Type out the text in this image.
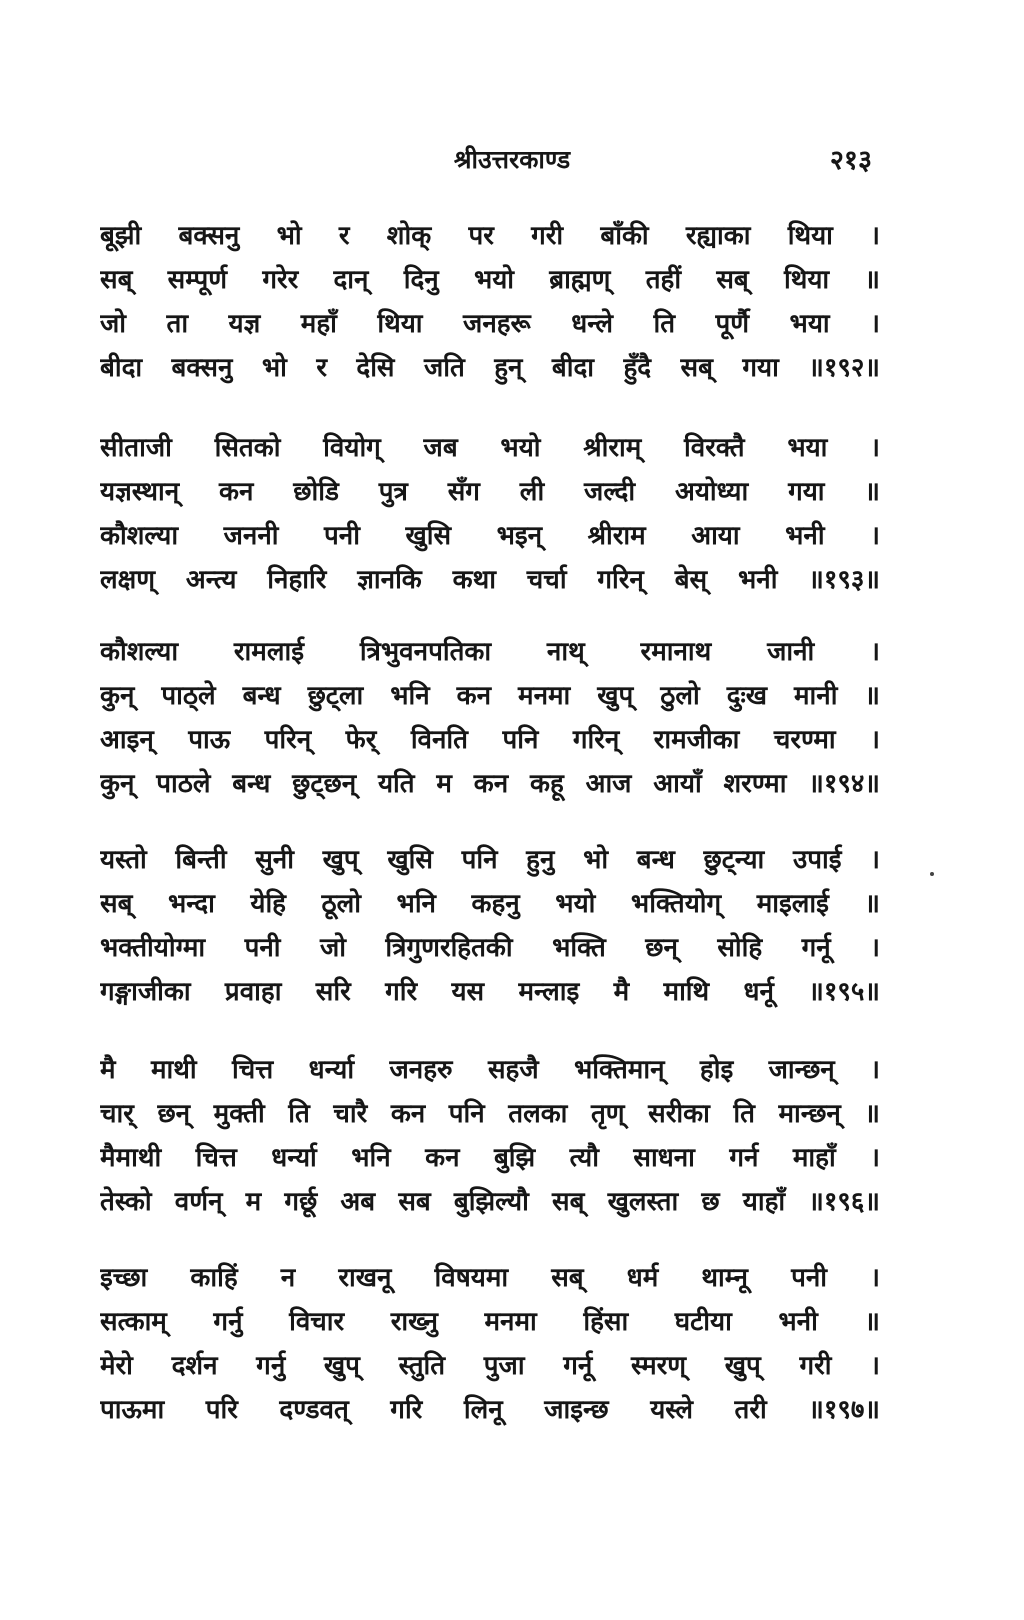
श्रीउत्तरकाण्ड	२१३
बूझी बक्सनु भो र शोक् पर गरी बाँकी रह्याका थिया ।
सब् सम्पूर्ण गरेर दान् दिनु भयो ब्राह्मण् तहीं सब् थिया ॥
जो ता यज्ञ महाँ थिया जनहरू धन्ले ति पूर्णै भया ।
बीदा बक्सनु भो र देसि जति हुन् बीदा हुँदै सब् गया ॥१९२॥
सीताजी सितको वियोग् जब भयो श्रीराम् विरक्तै भया ।
यज्ञस्थान् कन छोडि पुत्र सँग ली जल्दी अयोध्या गया ॥
कौशल्या जननी पनी खुसि भइन् श्रीराम आया भनी ।
लक्षण् अन्त्य निहारि ज्ञानकि कथा चर्चा गरिन् बेस् भनी ॥१९३॥
कौशल्या रामलाई त्रिभुवनपतिका नाथ् रमानाथ जानी ।
कुन् पाठ्ले बन्ध छुट्ला भनि कन मनमा खुप् ठुलो दुःख मानी ॥
आइन् पाऊ परिन् फेर् विनति पनि गरिन् रामजीका चरण्मा ।
कुन् पाठले बन्ध छुट्छन् यति म कन कहू आज आयाँ शरण्मा ॥१९४॥
यस्तो बिन्ती सुनी खुप् खुसि पनि हुनु भो बन्ध छुट्न्या उपाई ।
सब् भन्दा येहि ठूलो भनि कहनु भयो भक्तियोग् माइलाई ॥
भक्तीयोग्मा पनी जो त्रिगुणरहितकी भक्ति छन् सोहि गर्नू ।
गङ्गाजीका प्रवाहा सरि गरि यस मन्लाइ मै माथि धर्नू ॥१९५॥
मै माथी चित्त धर्न्या जनहरु सहजै भक्तिमान् होइ जान्छन् ।
चार् छन् मुक्ती ति चारै कन पनि तलका तृण् सरीका ति मान्छन् ॥
मैमाथी चित्त धर्न्या भनि कन बुझि त्यौ साधना गर्न माहाँ ।
तेस्को वर्णन् म गर्छू अब सब बुझिल्यौ सब् खुलस्ता छ याहाँ ॥१९६॥
इच्छा काहिं न राखनू विषयमा सब् धर्म थाम्नू पनी ।
सत्काम् गर्नु विचार राख्नु मनमा हिंसा घटीया भनी ॥
मेरो दर्शन गर्नु खुप् स्तुति पुजा गर्नू स्मरण् खुप् गरी ।
पाऊमा परि दण्डवत् गरि लिनू जाइन्छ यस्ले तरी ॥१९७॥
